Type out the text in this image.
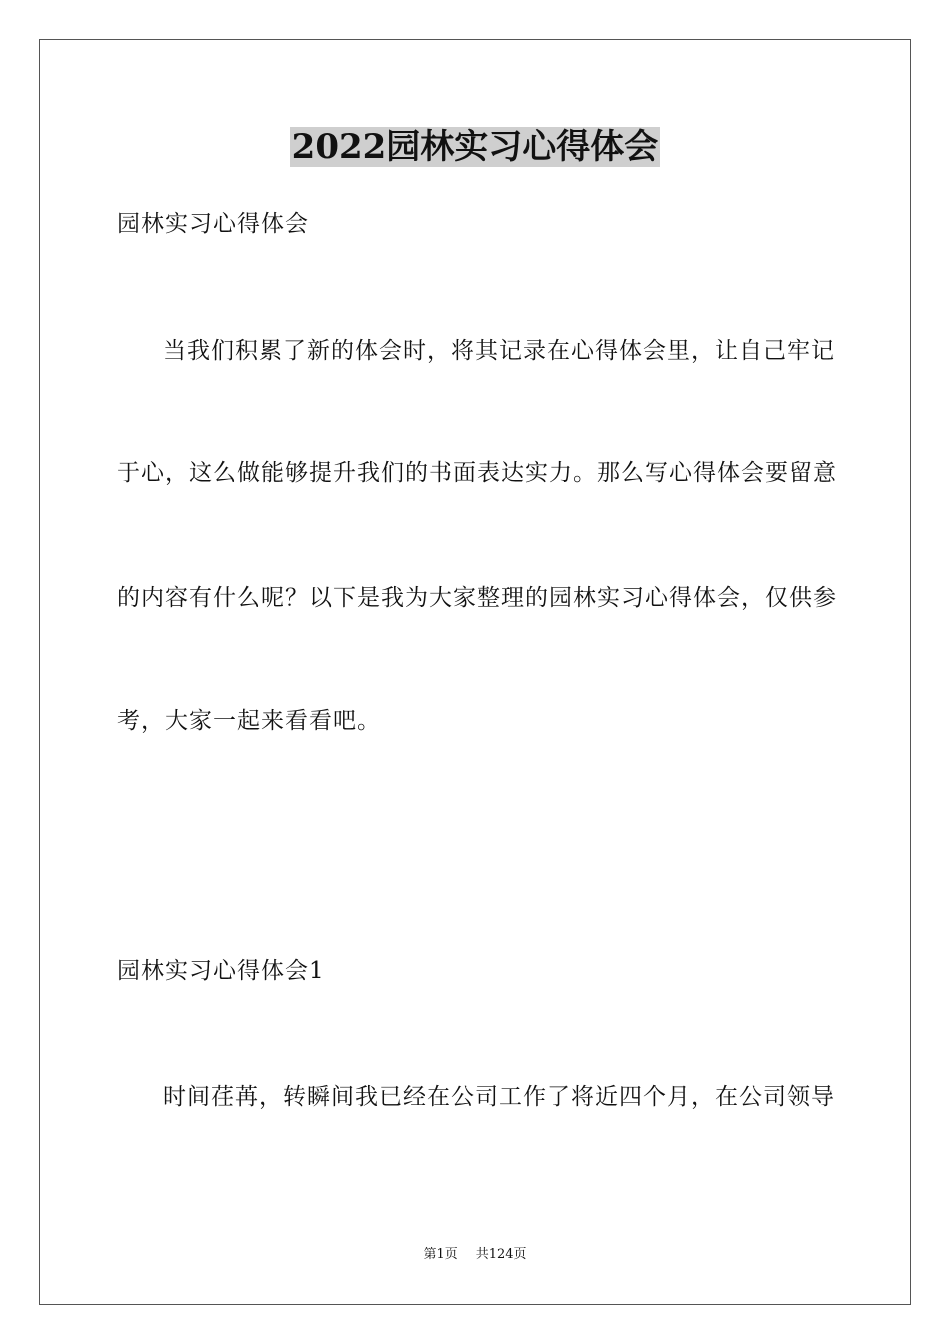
2022园林实习心得体会
园林实习心得体会
当我们积累了新的体会时，将其记录在心得体会里，让自己牢记
于心，这么做能够提升我们的书面表达实力。那么写心得体会要留意
的内容有什么呢？以下是我为大家整理的园林实习心得体会，仅供参
考，大家一起来看看吧。
园林实习心得体会1
时间荏苒，转瞬间我已经在公司工作了将近四个月，在公司领导
第1页 共124页
